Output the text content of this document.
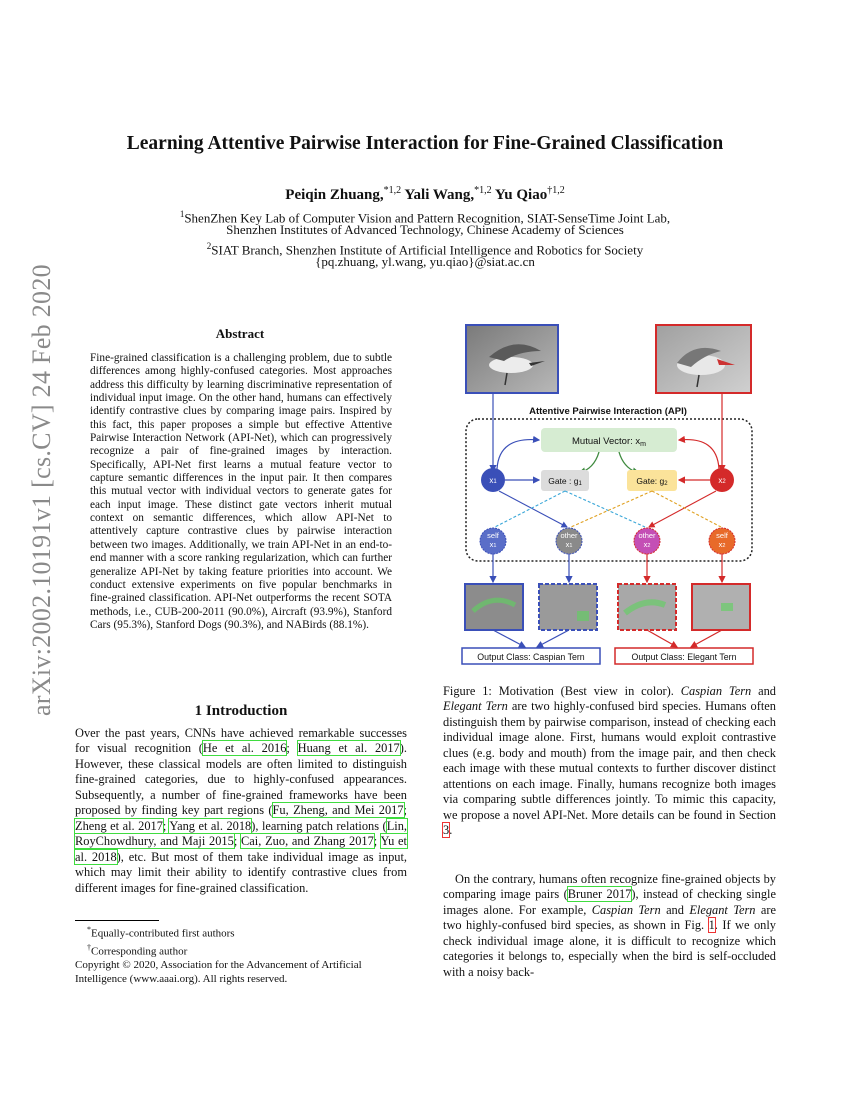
arXiv:2002.10191v1 [cs.CV] 24 Feb 2020
Learning Attentive Pairwise Interaction for Fine-Grained Classification
Peiqin Zhuang,$^{*1,2}$ Yali Wang,$^{*1,2}$ Yu Qiao$^{\dagger 1,2}$
$^1$ShenZhen Key Lab of Computer Vision and Pattern Recognition, SIAT-SenseTime Joint Lab,
Shenzhen Institutes of Advanced Technology, Chinese Academy of Sciences
$^2$SIAT Branch, Shenzhen Institute of Artificial Intelligence and Robotics for Society
{pq.zhuang, yl.wang, yu.qiao}@siat.ac.cn
Abstract
Fine-grained classification is a challenging problem, due to subtle differences among highly-confused categories. Most approaches address this difficulty by learning discriminative representation of individual input image. On the other hand, humans can effectively identify contrastive clues by comparing image pairs. Inspired by this fact, this paper proposes a simple but effective Attentive Pairwise Interaction Network (API-Net), which can progressively recognize a pair of fine-grained images by interaction. Specifically, API-Net first learns a mutual feature vector to capture semantic differences in the input pair. It then compares this mutual vector with individual vectors to generate gates for each input image. These distinct gate vectors inherit mutual context on semantic differences, which allow API-Net to attentively capture contrastive clues by pairwise interaction between two images. Additionally, we train API-Net in an end-to-end manner with a score ranking regularization, which can further generalize API-Net by taking feature priorities into account. We conduct extensive experiments on five popular benchmarks in fine-grained classification. API-Net outperforms the recent SOTA methods, i.e., CUB-200-2011 (90.0%), Aircraft (93.9%), Stanford Cars (95.3%), Stanford Dogs (90.3%), and NABirds (88.1%).
1 Introduction
Over the past years, CNNs have achieved remarkable successes for visual recognition (He et al. 2016; Huang et al. 2017). However, these classical models are often limited to distinguish fine-grained categories, due to highly-confused appearances. Subsequently, a number of fine-grained frameworks have been proposed by finding key part regions (Fu, Zheng, and Mei 2017; Zheng et al. 2017; Yang et al. 2018), learning patch relations (Lin, RoyChowdhury, and Maji 2015; Cai, Zuo, and Zhang 2017; Yu et al. 2018), etc. But most of them take individual image as input, which may limit their ability to identify contrastive clues from different images for fine-grained classification.
*Equally-contributed first authors
†Corresponding author
Copyright © 2020, Association for the Advancement of Artificial Intelligence (www.aaai.org). All rights reserved.
Attentive Pairwise Interaction (API)
Mutual Vector: $x_m$
x1	x2
Gate : g1	Gate: g2
self
x1
other
x1
other
x2
self
x2
Output Class: Caspian Tern	Output Class: Elegant Tern
Figure 1: Motivation (Best view in color). Caspian Tern and Elegant Tern are two highly-confused bird species. Humans often distinguish them by pairwise comparison, instead of checking each individual image alone. First, humans would exploit contrastive clues (e.g. body and mouth) from the image pair, and then check each image with these mutual contexts to further discover distinct attentions on each image. Finally, humans recognize both images via comparing subtle differences jointly. To mimic this capacity, we propose a novel API-Net. More details can be found in Section 3.
On the contrary, humans often recognize fine-grained objects by comparing image pairs (Bruner 2017), instead of checking single images alone. For example, Caspian Tern and Elegant Tern are two highly-confused bird species, as shown in Fig. 1. If we only check individual image alone, it is difficult to recognize which categories it belongs to, especially when the bird is self-occluded with a noisy back-
